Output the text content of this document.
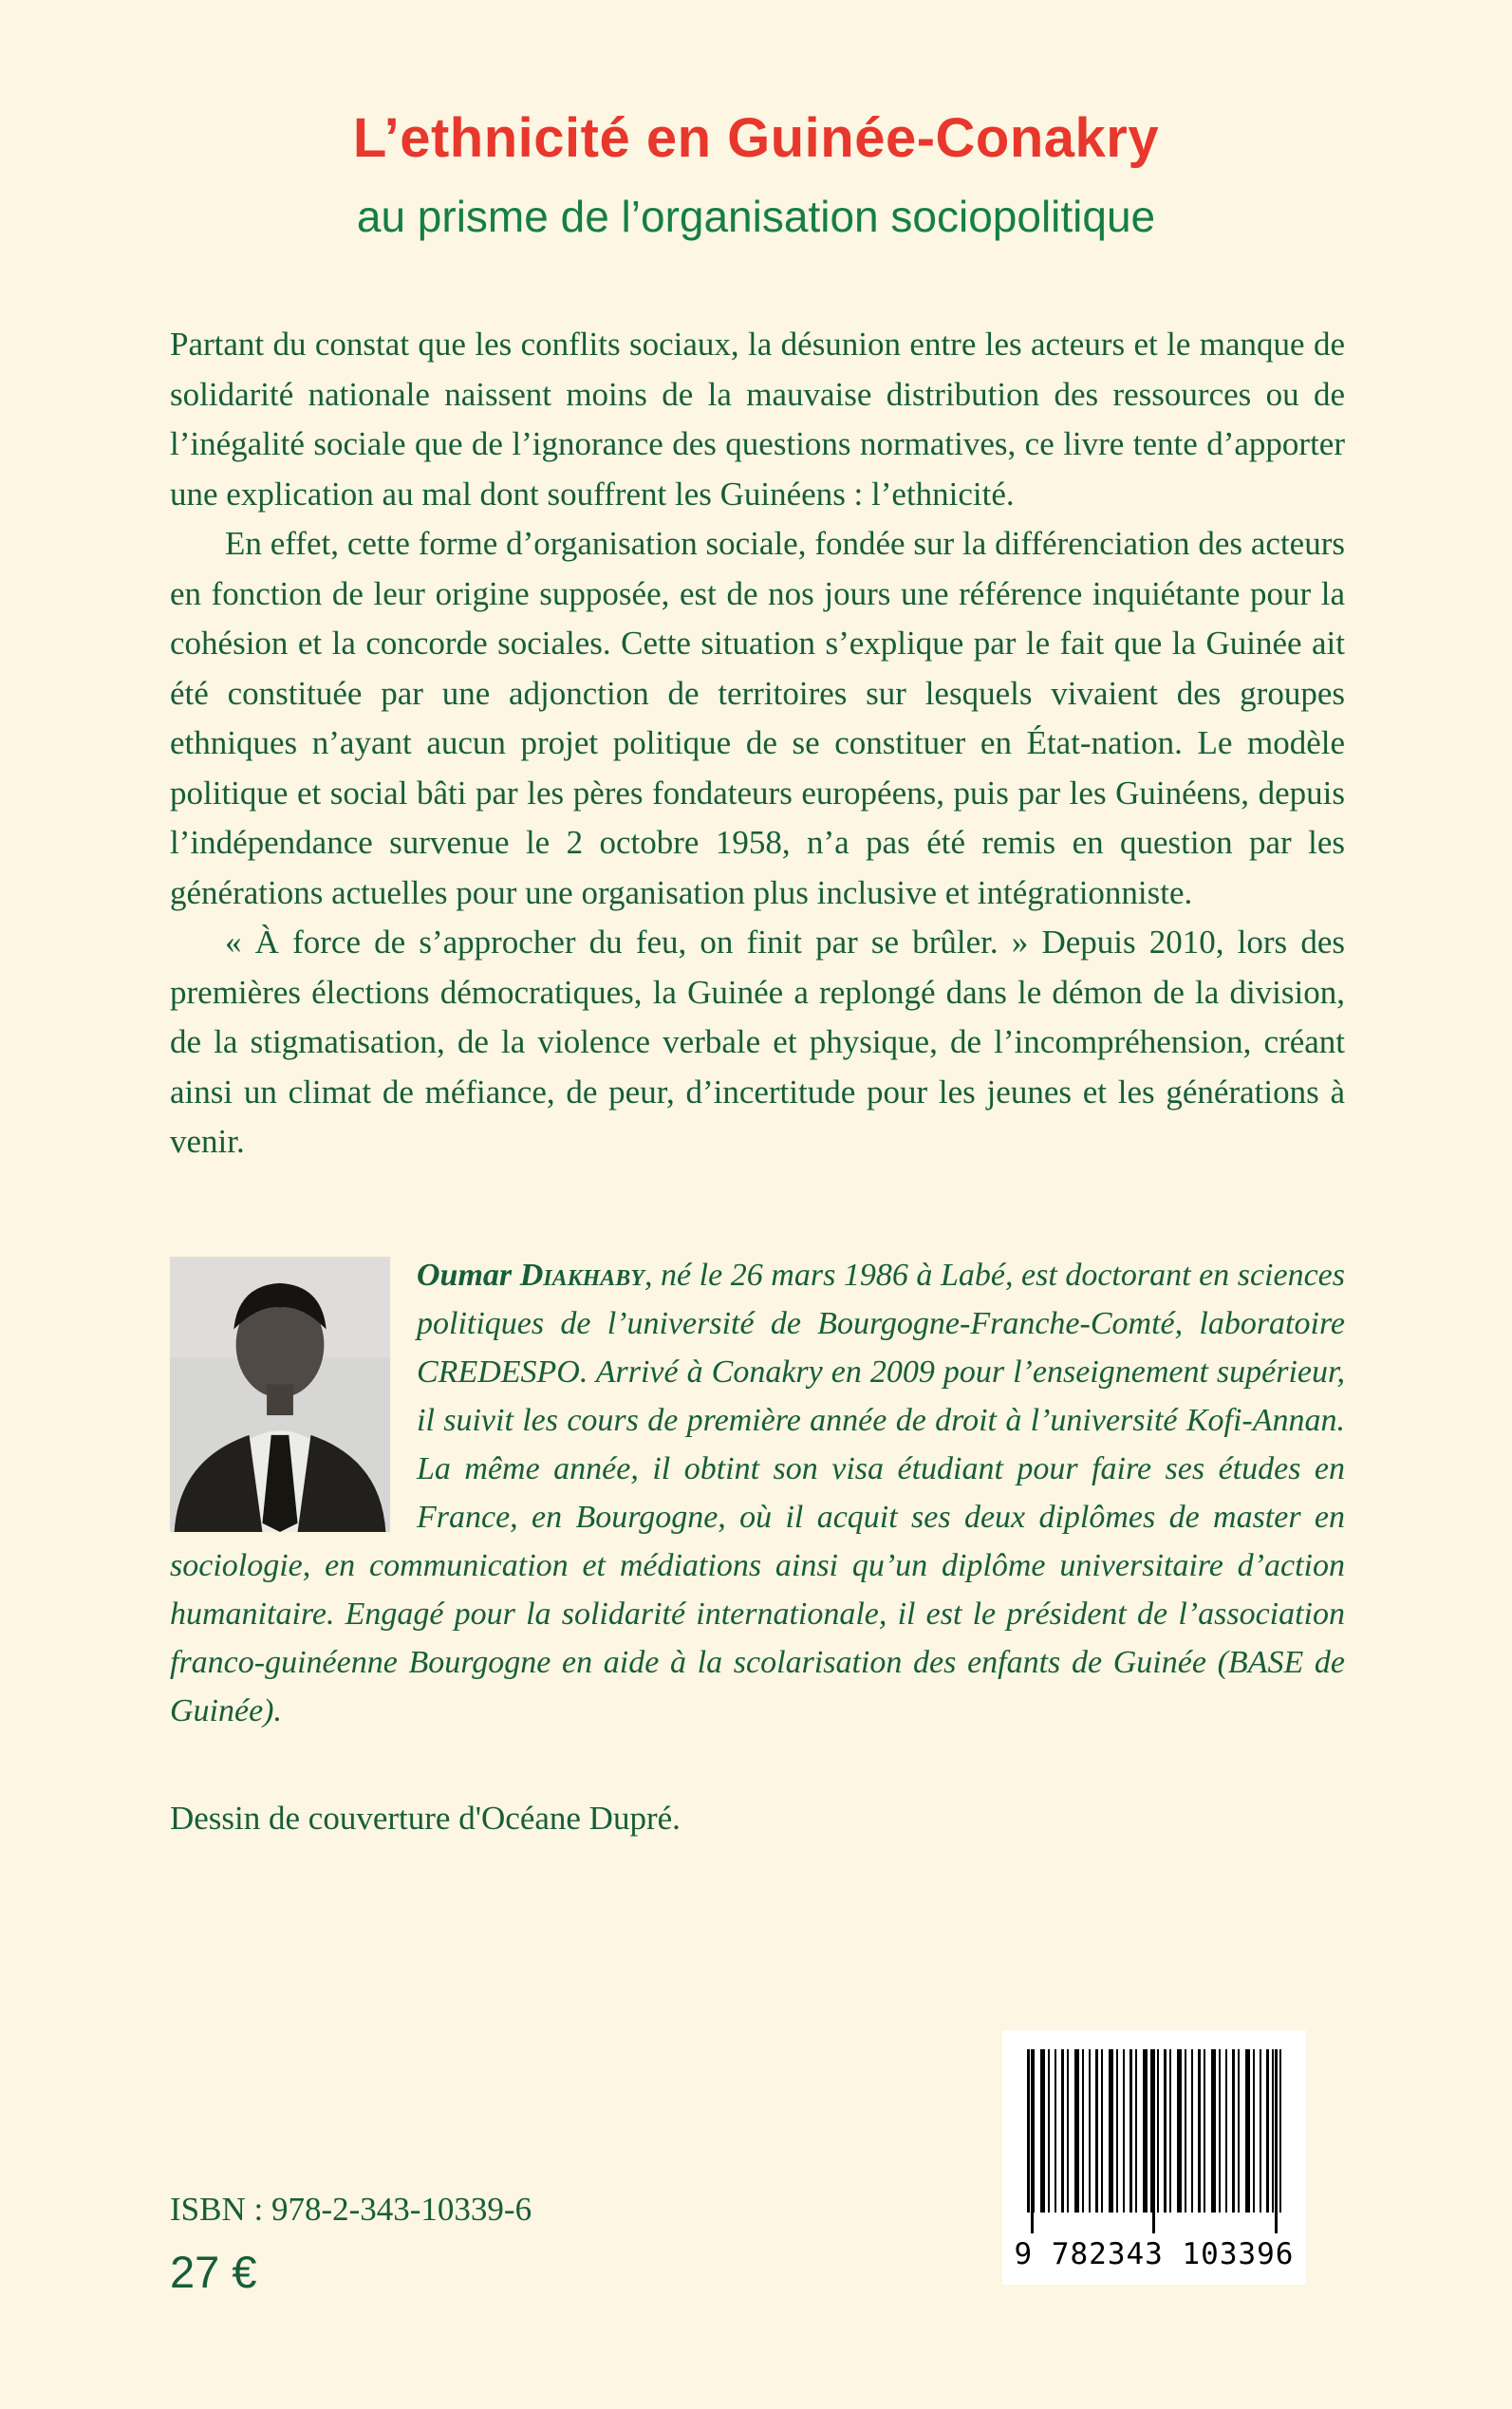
L’ethnicité en Guinée-Conakry
au prisme de l’organisation sociopolitique

Partant du constat que les conflits sociaux, la désunion entre les acteurs et le manque de solidarité nationale naissent moins de la mauvaise distribution des ressources ou de l’inégalité sociale que de l’ignorance des questions normatives, ce livre tente d’apporter une explication au mal dont souffrent les Guinéens : l’ethnicité.

En effet, cette forme d’organisation sociale, fondée sur la différenciation des acteurs en fonction de leur origine supposée, est de nos jours une référence inquiétante pour la cohésion et la concorde sociales. Cette situation s’explique par le fait que la Guinée ait été constituée par une adjonction de territoires sur lesquels vivaient des groupes ethniques n’ayant aucun projet politique de se constituer en État-nation. Le modèle politique et social bâti par les pères fondateurs européens, puis par les Guinéens, depuis l’indépendance survenue le 2 octobre 1958, n’a pas été remis en question par les générations actuelles pour une organisation plus inclusive et intégrationniste.

« À force de s’approcher du feu, on finit par se brûler. » Depuis 2010, lors des premières élections démocratiques, la Guinée a replongé dans le démon de la division, de la stigmatisation, de la violence verbale et physique, de l’incompréhension, créant ainsi un climat de méfiance, de peur, d’incertitude pour les jeunes et les générations à venir.

Oumar Diakhaby, né le 26 mars 1986 à Labé, est doctorant en sciences politiques de l’université de Bourgogne-Franche-Comté, laboratoire CREDESPO. Arrivé à Conakry en 2009 pour l’enseignement supérieur, il suivit les cours de première année de droit à l’université Kofi-Annan. La même année, il obtint son visa étudiant pour faire ses études en France, en Bourgogne, où il acquit ses deux diplômes de master en sociologie, en communication et médiations ainsi qu’un diplôme universitaire d’action humanitaire. Engagé pour la solidarité internationale, il est le président de l’association franco-guinéenne Bourgogne en aide à la scolarisation des enfants de Guinée (BASE de Guinée).

Dessin de couverture d'Océane Dupré.

ISBN : 978-2-343-10339-6
27 €	9 782343 103396
